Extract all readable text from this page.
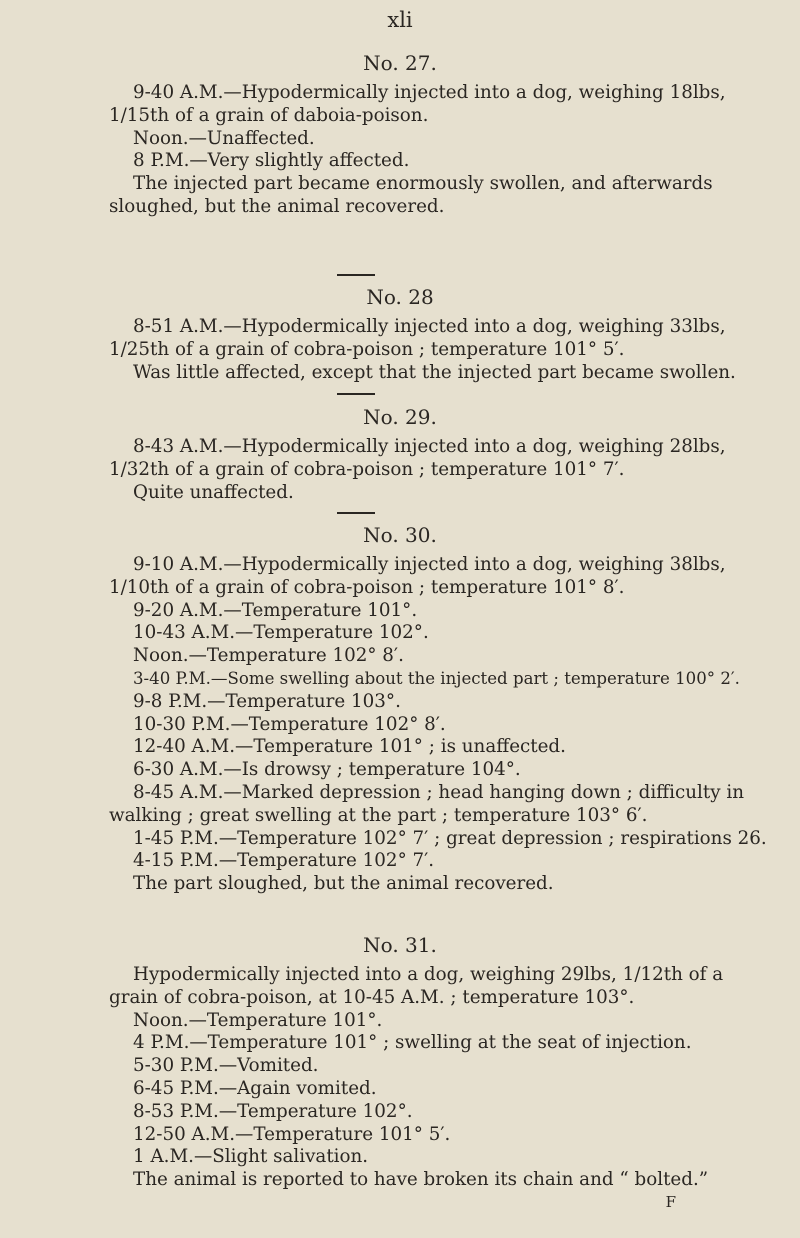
xli
No. 27.
9-40 A.M.—Hypodermically injected into a dog, weighing 18lbs,
1/15th of a grain of daboia-poison.
Noon.—Unaffected.
8 P.M.—Very slightly affected.
The injected part became enormously swollen, and afterwards
sloughed, but the animal recovered.
No. 28
8-51 A.M.—Hypodermically injected into a dog, weighing 33lbs,
1/25th of a grain of cobra-poison ; temperature 101° 5′.
Was little affected, except that the injected part became swollen.
No. 29.
8-43 A.M.—Hypodermically injected into a dog, weighing 28lbs,
1/32th of a grain of cobra-poison ; temperature 101° 7′.
Quite unaffected.
No. 30.
9-10 A.M.—Hypodermically injected into a dog, weighing 38lbs,
1/10th of a grain of cobra-poison ; temperature 101° 8′.
9-20 A.M.—Temperature 101°.
10-43 A.M.—Temperature 102°.
Noon.—Temperature 102° 8′.
3-40 P.M.—Some swelling about the injected part ; temperature 100° 2′.
9-8 P.M.—Temperature 103°.
10-30 P.M.—Temperature 102° 8′.
12-40 A.M.—Temperature 101° ; is unaffected.
6-30 A.M.—Is drowsy ; temperature 104°.
8-45 A.M.—Marked depression ; head hanging down ; difficulty in
walking ; great swelling at the part ; temperature 103° 6′.
1-45 P.M.—Temperature 102° 7′ ; great depression ; respirations 26.
4-15 P.M.—Temperature 102° 7′.
The part sloughed, but the animal recovered.
No. 31.
Hypodermically injected into a dog, weighing 29lbs, 1/12th of a
grain of cobra-poison, at 10-45 A.M. ; temperature 103°.
Noon.—Temperature 101°.
4 P.M.—Temperature 101° ; swelling at the seat of injection.
5-30 P.M.—Vomited.
6-45 P.M.—Again vomited.
8-53 P.M.—Temperature 102°.
12-50 A.M.—Temperature 101° 5′.
1 A.M.—Slight salivation.
The animal is reported to have broken its chain and “ bolted.”
F
